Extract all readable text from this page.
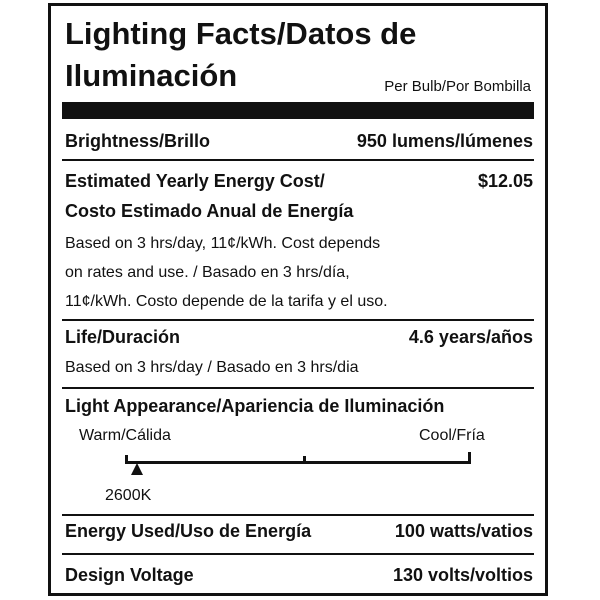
Lighting Facts/Datos de
Iluminación	Per Bulb/Por Bombilla
Brightness/Brillo	950 lumens/lúmenes
Estimated Yearly Energy Cost/	$12.05
Costo Estimado Anual de Energía
Based on 3 hrs/day, 11¢/kWh. Cost depends
on rates and use. / Basado en 3 hrs/día,
11¢/kWh. Costo depende de la tarifa y el uso.
Life/Duración	4.6 years/años
Based on 3 hrs/day / Basado en 3 hrs/dia
Light Appearance/Apariencia de Iluminación
Warm/Cálida	Cool/Fría
2600K
Energy Used/Uso de Energía	100 watts/vatios
Design Voltage	130 volts/voltios
